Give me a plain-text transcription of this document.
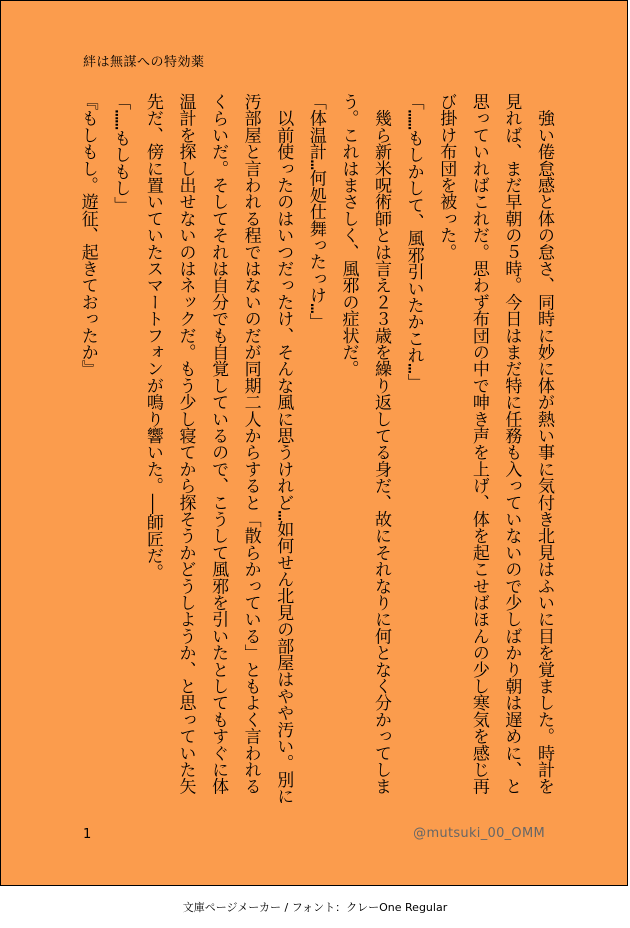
絆は無謀への特効薬

　強い倦怠感と体の怠さ、同時に妙に体が熱い事に気付き北見はふいに目を覚ました。時計を見れば、まだ早朝の５時。今日はまだ特に任務も入っていないので少しばかり朝は遅めに、と思っていればこれだ。思わず布団の中で呻き声を上げ、体を起こせばほんの少し寒気を感じ再び掛け布団を被った。

「……もしかして、風邪引いたかこれ…」

　幾ら新米呪術師とは言え２３歳を繰り返してる身だ、故にそれなりに何となく分かってしまう。これはまさしく、風邪の症状だ。

「体温計…何処仕舞ったっけ…」

　以前使ったのはいつだったけ、そんな風に思うけれど…如何せん北見の部屋はやや汚い。別に汚部屋と言われる程ではないのだが同期二人からすると「散らかっている」ともよく言われるくらいだ。そしてそれは自分でも自覚しているので、こうして風邪を引いたとしてもすぐに体温計を探し出せないのはネックだ。もう少し寝てから探そうかどうしようか、と思っていた矢先だ、傍に置いていたスマートフォンが鳴り響いた。――師匠だ。

「……もしもし」

『もしもし。遊征、起きておったか』

1	@mutsuki_00_OMM
文庫ページメーカー / フォント：クレーOne Regular
